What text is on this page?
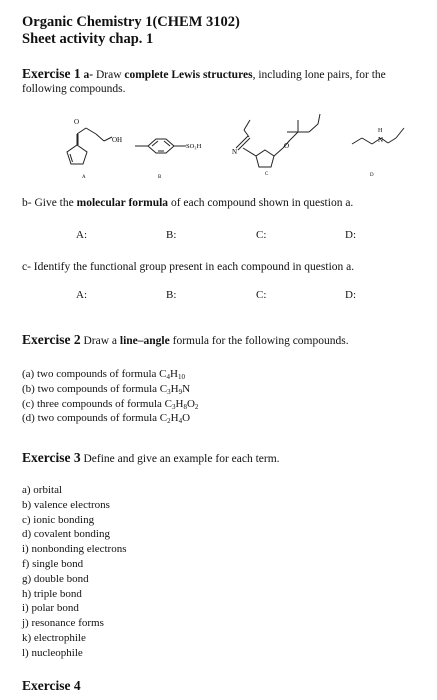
Organic Chemistry 1(CHEM 3102)
Sheet activity chap. 1
Exercise 1 a- Draw complete Lewis structures, including lone pairs, for the
following compounds.
O
OH
SO₃H
N
O
H
N
A	B
C	D
b- Give the molecular formula of each compound shown in question a.
A:	B:	C:	D:
c- Identify the functional group present in each compound in question a.
A:	B:	C:	D:
Exercise 2 Draw a line–angle formula for the following compounds.
(a) two compounds of formula $C_4H_{10}$
(b) two compounds of formula $C_3H_9N$
(c) three compounds of formula $C_3H_8O_2$
(d) two compounds of formula $C_2H_4O$
Exercise 3 Define and give an example for each term.
a) orbital
b) valence electrons
c) ionic bonding
d) covalent bonding
i) nonbonding electrons
f) single bond
g) double bond
h) triple bond
i) polar bond
j) resonance forms
k) electrophile
l) nucleophile
Exercise 4
